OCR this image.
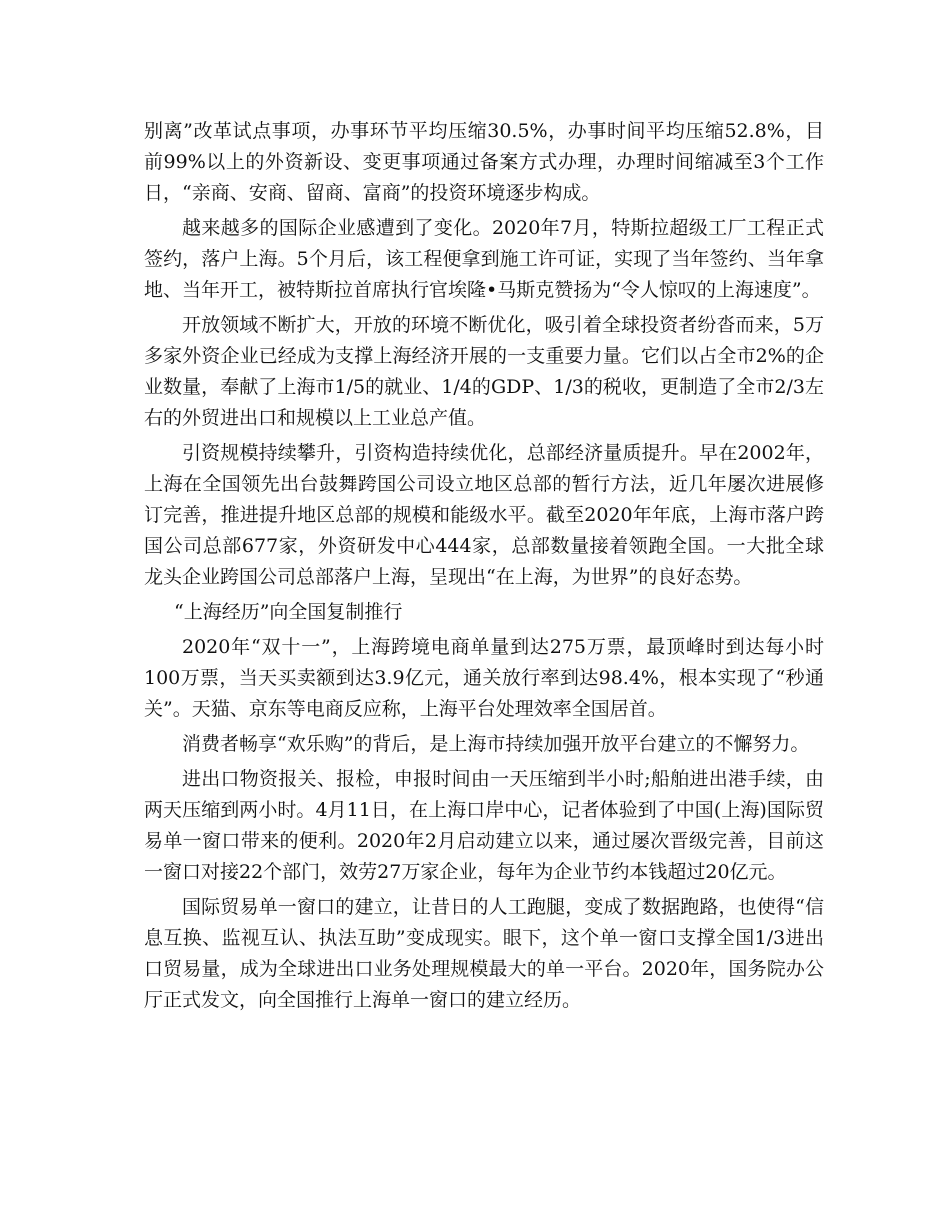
别离”改革试点事项，办事环节平均压缩30.5%，办事时间平均压缩52.8%，目前99%以上的外资新设、变更事项通过备案方式办理，办理时间缩减至3个工作日，“亲商、安商、留商、富商”的投资环境逐步构成。

越来越多的国际企业感遭到了变化。2020年7月，特斯拉超级工厂工程正式签约，落户上海。5个月后，该工程便拿到施工许可证，实现了当年签约、当年拿地、当年开工，被特斯拉首席执行官埃隆•马斯克赞扬为“令人惊叹的上海速度”。

开放领域不断扩大，开放的环境不断优化，吸引着全球投资者纷沓而来，5万多家外资企业已经成为支撑上海经济开展的一支重要力量。它们以占全市2%的企业数量，奉献了上海市1/5的就业、1/4的GDP、1/3的税收，更制造了全市2/3左右的外贸进出口和规模以上工业总产值。

引资规模持续攀升，引资构造持续优化，总部经济量质提升。早在2002年，上海在全国领先出台鼓舞跨国公司设立地区总部的暂行方法，近几年屡次进展修订完善，推进提升地区总部的规模和能级水平。截至2020年年底，上海市落户跨国公司总部677家，外资研发中心444家，总部数量接着领跑全国。一大批全球龙头企业跨国公司总部落户上海，呈现出“在上海，为世界”的良好态势。

“上海经历”向全国复制推行

2020年“双十一”，上海跨境电商单量到达275万票，最顶峰时到达每小时100万票，当天买卖额到达3.9亿元，通关放行率到达98.4%，根本实现了“秒通关”。天猫、京东等电商反应称，上海平台处理效率全国居首。

消费者畅享“欢乐购”的背后，是上海市持续加强开放平台建立的不懈努力。

进出口物资报关、报检，申报时间由一天压缩到半小时;船舶进出港手续，由两天压缩到两小时。4月11日，在上海口岸中心，记者体验到了中国(上海)国际贸易单一窗口带来的便利。2020年2月启动建立以来，通过屡次晋级完善，目前这一窗口对接22个部门，效劳27万家企业，每年为企业节约本钱超过20亿元。

国际贸易单一窗口的建立，让昔日的人工跑腿，变成了数据跑路，也使得“信息互换、监视互认、执法互助”变成现实。眼下，这个单一窗口支撑全国1/3进出口贸易量，成为全球进出口业务处理规模最大的单一平台。2020年，国务院办公厅正式发文，向全国推行上海单一窗口的建立经历。
